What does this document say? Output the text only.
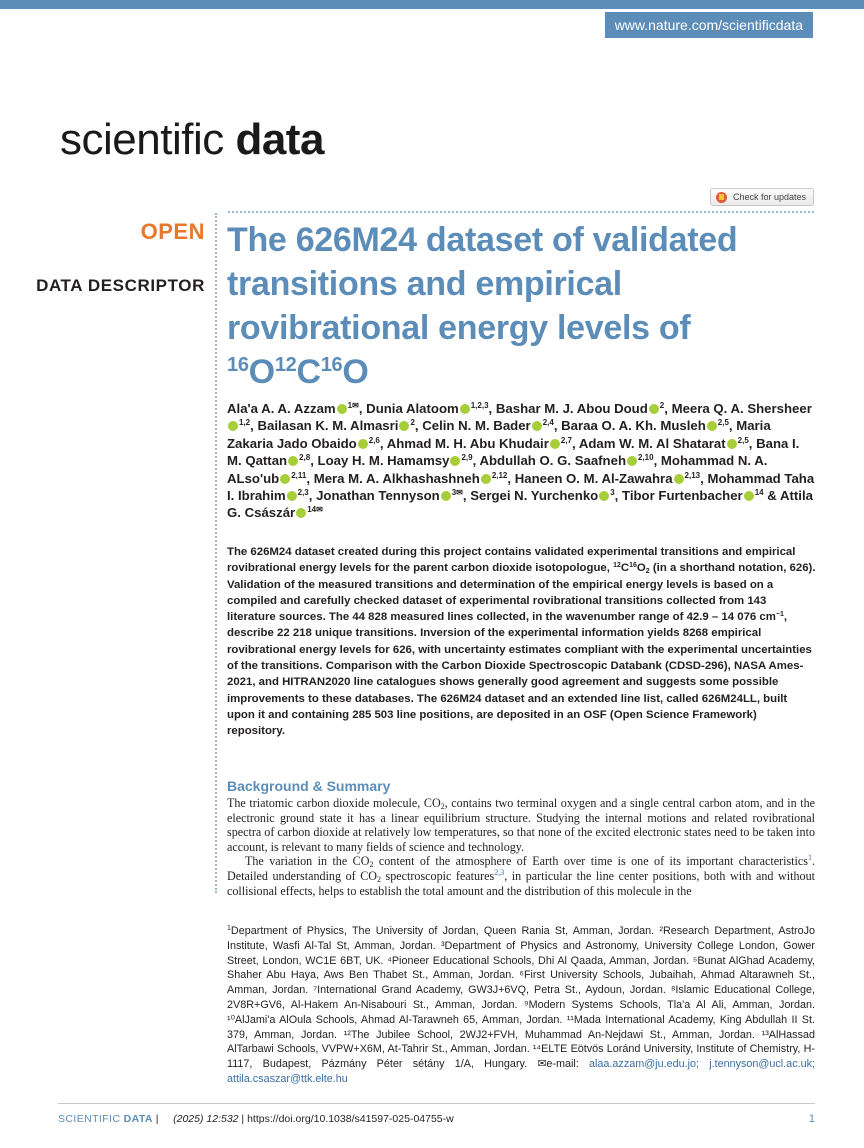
www.nature.com/scientificdata
scientific data
Check for updates
OPEN
DATA DESCRIPTOR
The 626M24 dataset of validated
transitions and empirical
rovibrational energy levels of
$^{16}O^{12}C^{16}O$
Ala'a A. A. Azzam $^{1✉}$, Dunia Alatoom $^{1,2,3}$, Bashar M. J. Abou Doud $^2$, Meera Q. A. Shersheer$^{1,2}$, Bailasan K. M. Almasri $^2$, Celin N. M. Bader $^{2,4}$, Baraa O. A. Kh. Musleh $^{2,5}$, Maria Zakaria Jado Obaido $^{2,6}$, Ahmad M. H. Abu Khudair $^{2,7}$, Adam W. M. Al Shatarat $^{2,5}$, Bana I. M. Qattan $^{2,8}$, Loay H. M. Hamamsy $^{2,9}$, Abdullah O. G. Saafneh $^{2,10}$, Mohammad N. A. ALso'ub $^{2,11}$, Mera M. A. Alkhashashneh $^{2,12}$, Haneen O. M. Al-Zawahra $^{2,13}$, Mohammad Taha I. Ibrahim $^{2,3}$, Jonathan Tennyson $^{3✉}$, Sergei N. Yurchenko $^3$, Tibor Furtenbacher $^{14}$ & Attila G. Császár $^{14✉}$
The 626M24 dataset created during this project contains validated experimental transitions and empirical rovibrational energy levels for the parent carbon dioxide isotopologue, $^{12}C^{16}O_2$ (in a shorthand notation, 626). Validation of the measured transitions and determination of the empirical energy levels is based on a compiled and carefully checked dataset of experimental rovibrational transitions collected from 143 literature sources. The 44 828 measured lines collected, in the wavenumber range of 42.9 – 14 076 $cm^{-1}$, describe 22 218 unique transitions. Inversion of the experimental information yields 8268 empirical rovibrational energy levels for 626, with uncertainty estimates compliant with the experimental uncertainties of the transitions. Comparison with the Carbon Dioxide Spectroscopic Databank (CDSD-296), NASA Ames-2021, and HITRAN2020 line catalogues shows generally good agreement and suggests some possible improvements to these databases. The 626M24 dataset and an extended line list, called 626M24LL, built upon it and containing 285 503 line positions, are deposited in an OSF (Open Science Framework) repository.
Background & Summary

The triatomic carbon dioxide molecule, $CO_2$, contains two terminal oxygen and a single central carbon atom, and in the electronic ground state it has a linear equilibrium structure. Studying the internal motions and related rovibrational spectra of carbon dioxide at relatively low temperatures, so that none of the excited electronic states need to be taken into account, is relevant to many fields of science and technology.

The variation in the $CO_2$ content of the atmosphere of Earth over time is one of its important characteristics$^1$. Detailed understanding of $CO_2$ spectroscopic features$^{2,3}$, in particular the line center positions, both with and without collisional effects, helps to establish the total amount and the distribution of this molecule in the

$^1$Department of Physics, The University of Jordan, Queen Rania St, Amman, Jordan. ²Research Department, AstroJo Institute, Wasfi Al-Tal St, Amman, Jordan. ³Department of Physics and Astronomy, University College London, Gower Street, London, WC1E 6BT, UK. ⁴Pioneer Educational Schools, Dhi Al Qaada, Amman, Jordan. ⁵Bunat AlGhad Academy, Shaher Abu Haya, Aws Ben Thabet St., Amman, Jordan. ⁶First University Schools, Jubaihah, Ahmad Altarawneh St., Amman, Jordan. ⁷International Grand Academy, GW3J+6VQ, Petra St., Aydoun, Jordan. ⁸Islamic Educational College, 2V8R+GV6, Al-Hakem An-Nisabouri St., Amman, Jordan. ⁹Modern Systems Schools, Tla'a Al Ali, Amman, Jordan. ¹⁰AlJami'a AlOula Schools, Ahmad Al-Tarawneh 65, Amman, Jordan. ¹¹Mada International Academy, King Abdullah II St. 379, Amman, Jordan. ¹²The Jubilee School, 2WJ2+FVH, Muhammad An-Nejdawi St., Amman, Jordan. ¹³AlHassad AlTarbawi Schools, VVPW+X6M, At-Tahrir St., Amman, Jordan. ¹⁴ELTE Eötvös Loránd University, Institute of Chemistry, H-1117, Budapest, Pázmány Péter sétány 1/A, Hungary. ✉e-mail: alaa.azzam@ju.edu.jo; j.tennyson@ucl.ac.uk; attila.csaszar@ttk.elte.hu
SCIENTIFIC DATA | (2025) 12:532 | https://doi.org/10.1038/s41597-025-04755-w	1
